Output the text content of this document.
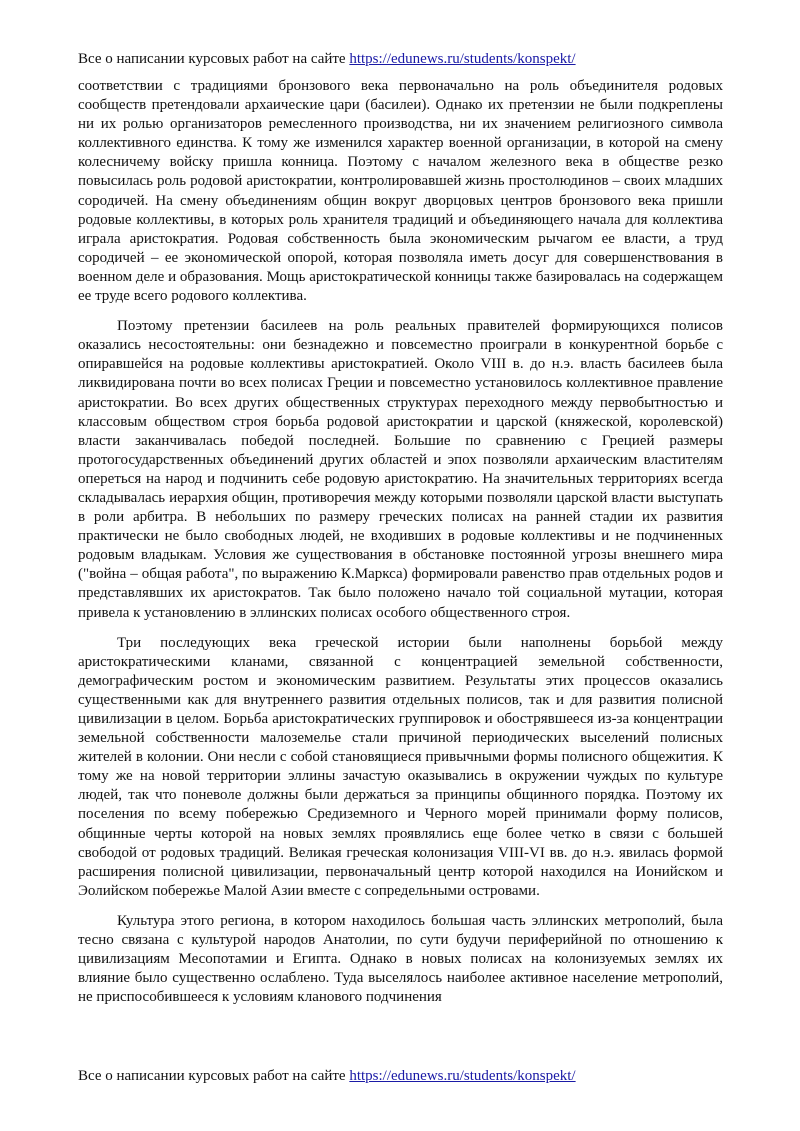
Все о написании курсовых работ на сайте https://edunews.ru/students/konspekt/

соответствии с традициями бронзового века первоначально на роль объединителя родовых сообществ претендовали архаические цари (басилеи). Однако их претензии не были подкреплены ни их ролью организаторов ремесленного производства, ни их значением религиозного символа коллективного единства. К тому же изменился характер военной организации, в которой на смену колесничему войску пришла конница. Поэтому с началом железного века в обществе резко повысилась роль родовой аристократии, контролировавшей жизнь простолюдинов – своих младших сородичей. На смену объединениям общин вокруг дворцовых центров бронзового века пришли родовые коллективы, в которых роль хранителя традиций и объединяющего начала для коллектива играла аристократия. Родовая собственность была экономическим рычагом ее власти, а труд сородичей – ее экономической опорой, которая позволяла иметь досуг для совершенствования в военном деле и образования. Мощь аристократической конницы также базировалась на содержащем ее труде всего родового коллектива.

Поэтому претензии басилеев на роль реальных правителей формирующихся полисов оказались несостоятельны: они безнадежно и повсеместно проиграли в конкурентной борьбе с опиравшейся на родовые коллективы аристократией. Около VIII в. до н.э. власть басилеев была ликвидирована почти во всех полисах Греции и повсеместно установилось коллективное правление аристократии. Во всех других общественных структурах переходного между первобытностью и классовым обществом строя борьба родовой аристократии и царской (княжеской, королевской) власти заканчивалась победой последней. Большие по сравнению с Грецией размеры протогосударственных объединений других областей и эпох позволяли архаическим властителям опереться на народ и подчинить себе родовую аристократию. На значительных территориях всегда складывалась иерархия общин, противоречия между которыми позволяли царской власти выступать в роли арбитра. В небольших по размеру греческих полисах на ранней стадии их развития практически не было свободных людей, не входивших в родовые коллективы и не подчиненных родовым владыкам. Условия же существования в обстановке постоянной угрозы внешнего мира ("война – общая работа", по выражению К.Маркса) формировали равенство прав отдельных родов и представлявших их аристократов. Так было положено начало той социальной мутации, которая привела к установлению в эллинских полисах особого общественного строя.

Три последующих века греческой истории были наполнены борьбой между аристократическими кланами, связанной с концентрацией земельной собственности, демографическим ростом и экономическим развитием. Результаты этих процессов оказались существенными как для внутреннего развития отдельных полисов, так и для развития полисной цивилизации в целом. Борьба аристократических группировок и обострявшееся из-за концентрации земельной собственности малоземелье стали причиной периодических выселений полисных жителей в колонии. Они несли с собой становящиеся привычными формы полисного общежития. К тому же на новой территории эллины зачастую оказывались в окружении чуждых по культуре людей, так что поневоле должны были держаться за принципы общинного порядка. Поэтому их поселения по всему побережью Средиземного и Черного морей принимали форму полисов, общинные черты которой на новых землях проявлялись еще более четко в связи с большей свободой от родовых традиций. Великая греческая колонизация VIII-VI вв. до н.э. явилась формой расширения полисной цивилизации, первоначальный центр которой находился на Ионийском и Эолийском побережье Малой Азии вместе с сопредельными островами.

Культура этого региона, в котором находилось большая часть эллинских метрополий, была тесно связана с культурой народов Анатолии, по сути будучи периферийной по отношению к цивилизациям Месопотамии и Египта. Однако в новых полисах на колонизуемых землях их влияние было существенно ослаблено. Туда выселялось наиболее активное население метрополий, не приспособившееся к условиям кланового подчинения

Все о написании курсовых работ на сайте https://edunews.ru/students/konspekt/
